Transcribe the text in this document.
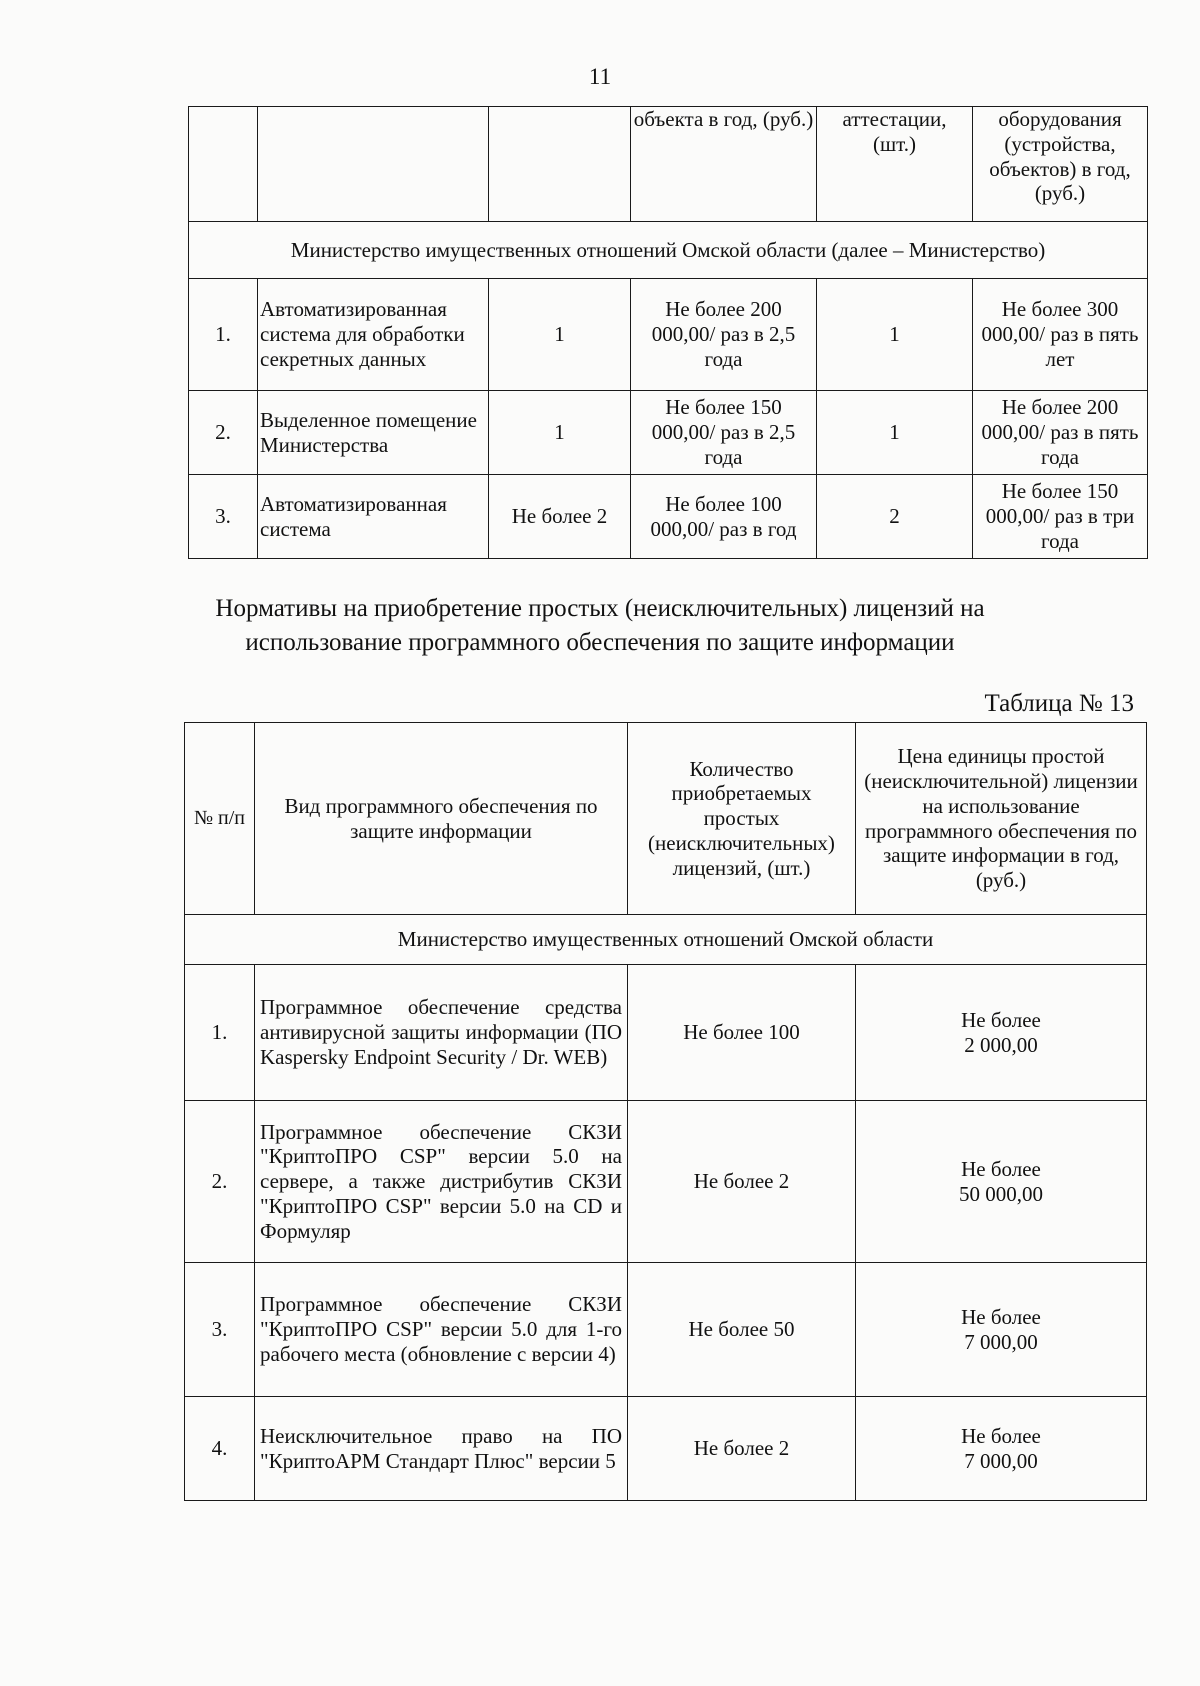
11
			объекта в год, (руб.)	аттестации, (шт.)	оборудования (устройства, объектов) в год, (руб.)
Министерство имущественных отношений Омской области (далее – Министерство)					
1.	Автоматизированная система для обработки секретных данных	1	Не более 200 000,00/ раз в 2,5 года	1	Не более 300 000,00/ раз в пять лет
2.	Выделенное помещение Министерства	1	Не более 150 000,00/ раз в 2,5 года	1	Не более 200 000,00/ раз в пять года
3.	Автоматизированная система	Не более 2	Не более 100 000,00/ раз в год	2	Не более 150 000,00/ раз в три года
Нормативы на приобретение простых (неисключительных) лицензий на
использование программного обеспечения по защите информации
Таблица № 13
№ п/п	Вид программного обеспечения по защите информации	Количество приобретаемых простых (неисключительных) лицензий, (шт.)	Цена единицы простой (неисключительной) лицензии на использование программного обеспечения по защите информации в год, (руб.)
Министерство имущественных отношений Омской области			
1.	Программное обеспечение средства антивирусной защиты информации (ПО Kaspersky Endpoint Security / Dr. WEB)	Не более 100	Не более
2 000,00

2.	Программное обеспечение СКЗИ "КриптоПРО CSP" версии 5.0 на сервере, а также дистрибутив СКЗИ "КриптоПРО CSP" версии 5.0 на CD и Формуляр	Не более 2	Не более
50 000,00

3.	Программное обеспечение СКЗИ "КриптоПРО CSP" версии 5.0 для 1-го рабочего места (обновление с версии 4)	Не более 50	Не более
7 000,00

4.	Неисключительное право на ПО "КриптоАРМ Стандарт Плюс" версии 5	Не более 2	Не более
7 000,00
